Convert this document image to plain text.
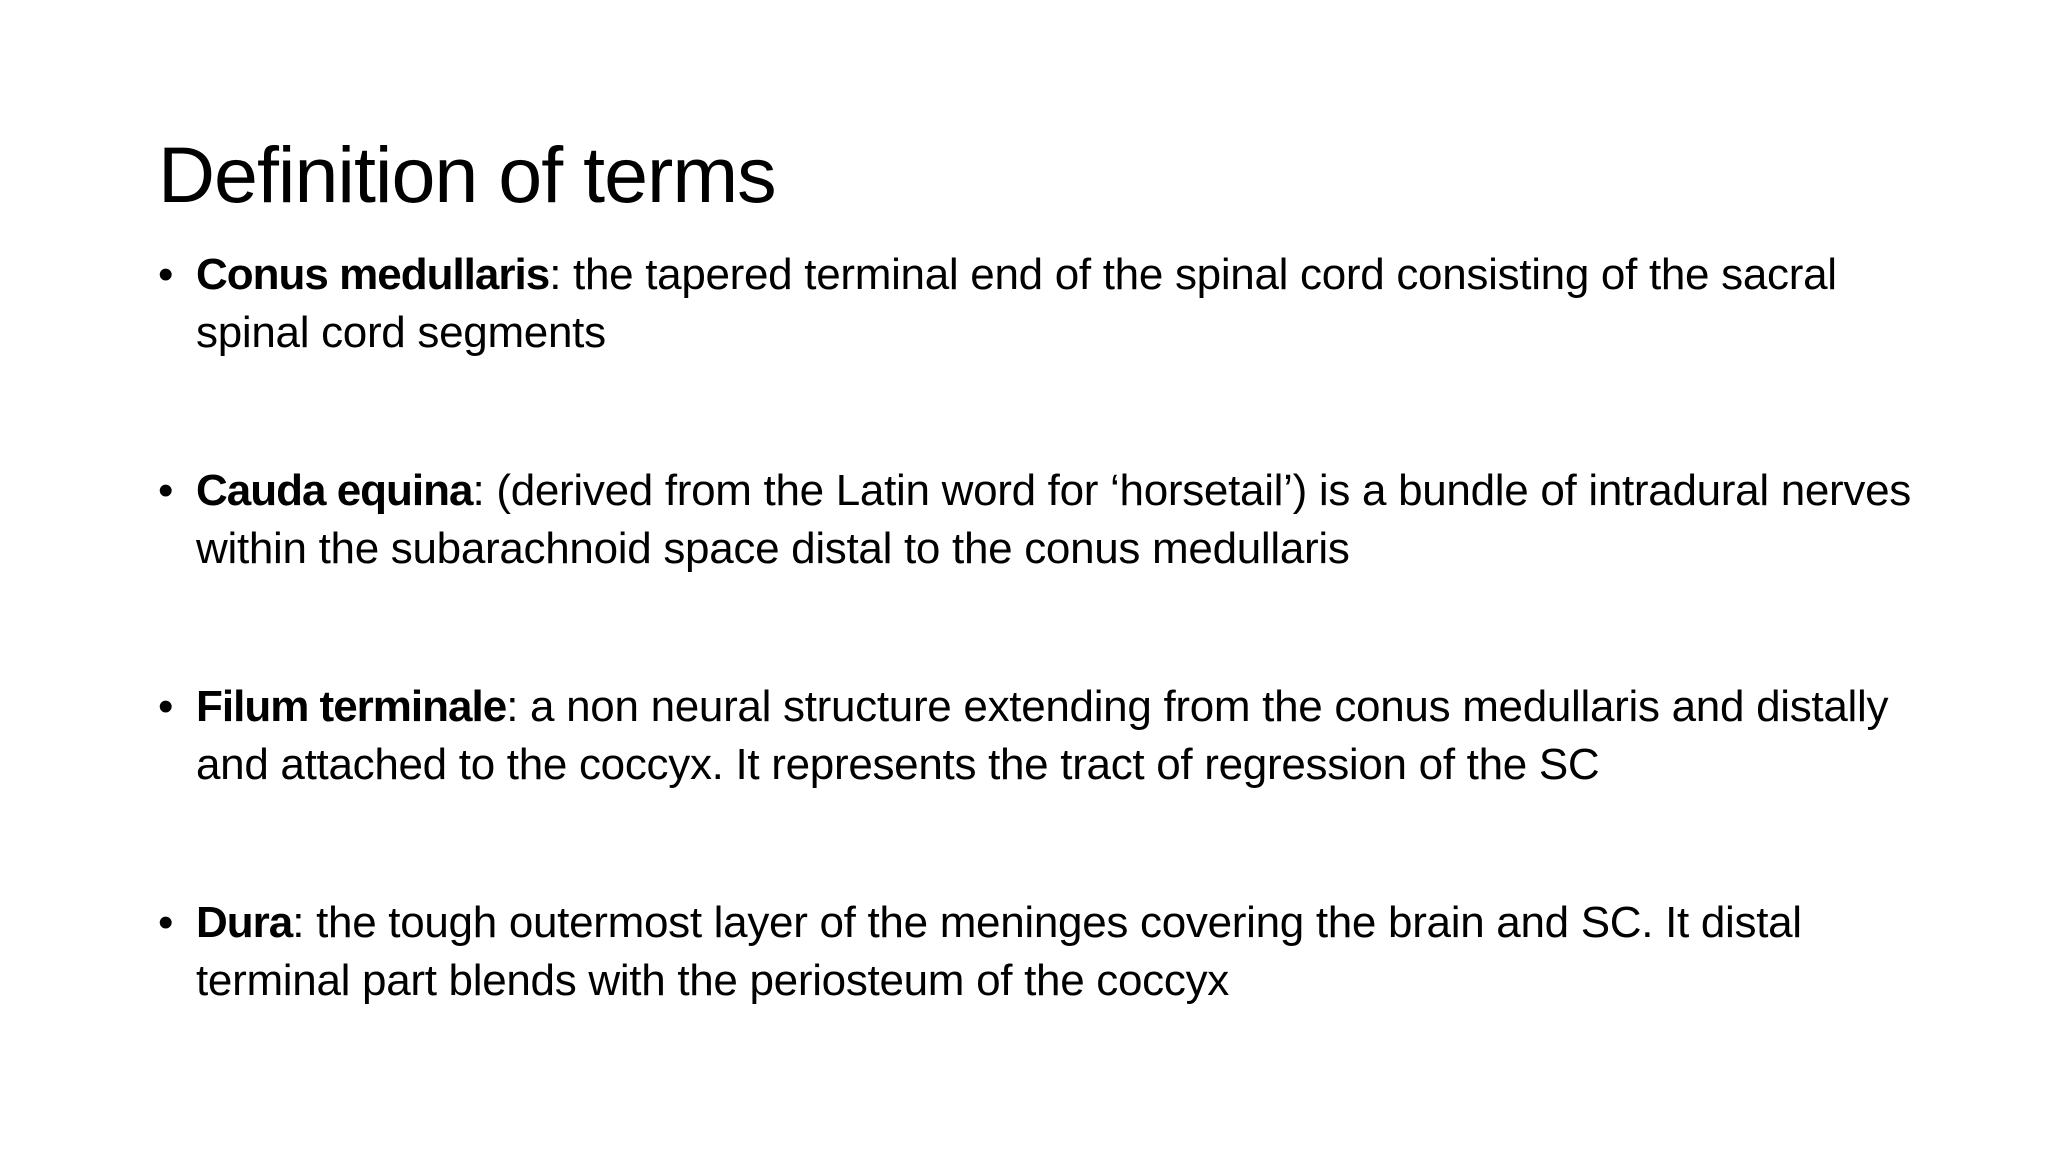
Definition of terms
• Conus medullaris: the tapered terminal end of the spinal cord consisting of the sacral spinal cord segments
• Cauda equina: (derived from the Latin word for ‘horsetail’) is a bundle of intradural nerves within the subarachnoid space distal to the conus medullaris
• Filum terminale: a non neural structure extending from the conus medullaris and distally and attached to the coccyx. It represents the tract of regression of the SC
• Dura: the tough outermost layer of the meninges covering the brain and SC. It distal terminal part blends with the periosteum of the coccyx
